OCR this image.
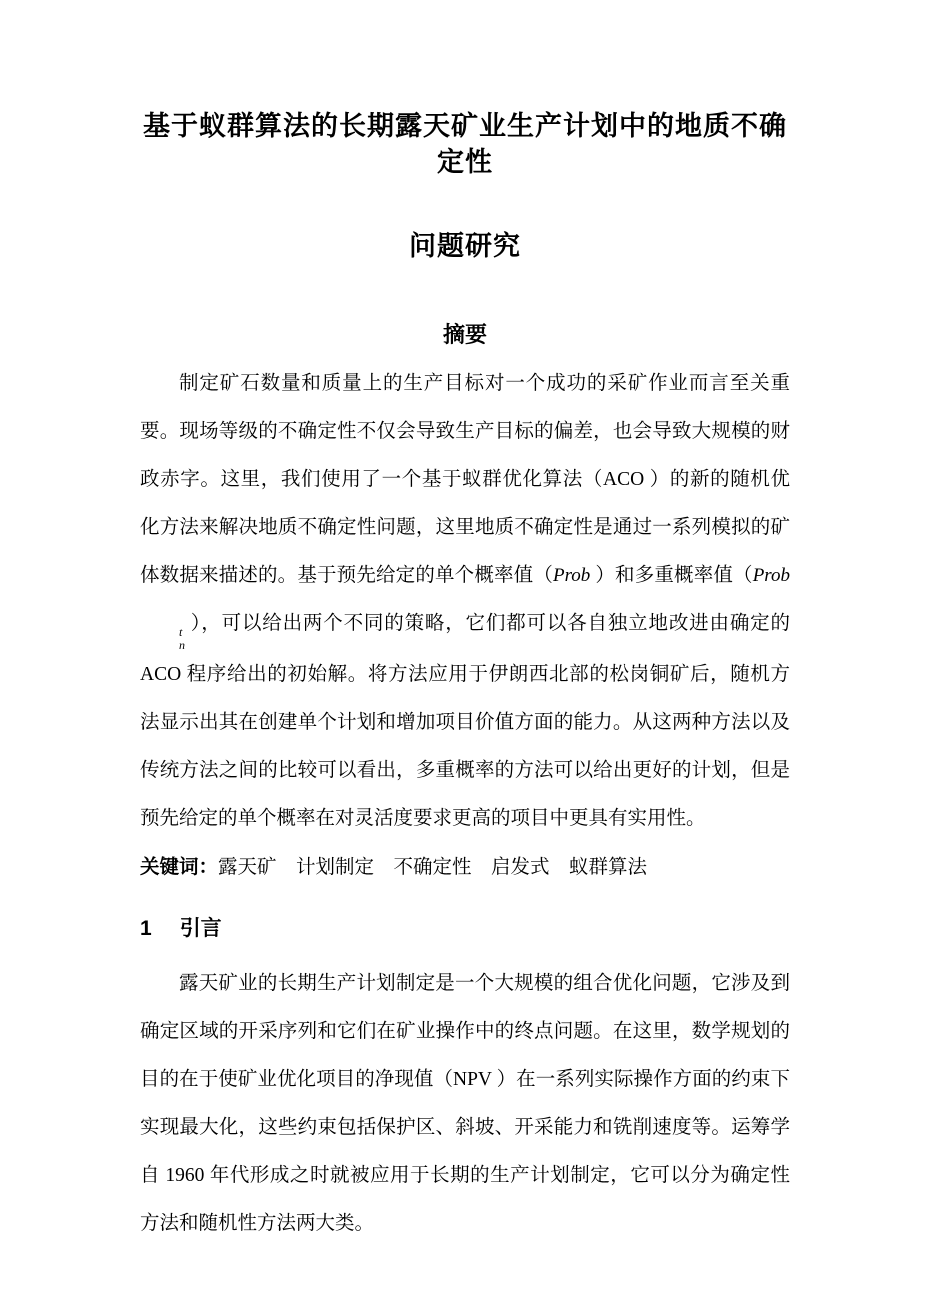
基于蚁群算法的长期露天矿业生产计划中的地质不确定性
问题研究
摘要

制定矿石数量和质量上的生产目标对一个成功的采矿作业而言至关重要。现场等级的不确定性不仅会导致生产目标的偏差，也会导致大规模的财政赤字。这里，我们使用了一个基于蚁群优化算法（ACO ）的新的随机优化方法来解决地质不确定性问题，这里地质不确定性是通过一系列模拟的矿体数据来描述的。基于预先给定的单个概率值（Prob ）和多重概率值（Prob
t
n
），可以给出两个不同的策略，它们都可以各自独立地改进由确定的 ACO 程序给出的初始解。将方法应用于伊朗西北部的松岗铜矿后，随机方法显示出其在创建单个计划和增加项目价值方面的能力。从这两种方法以及传统方法之间的比较可以看出，多重概率的方法可以给出更好的计划，但是预先给定的单个概率在对灵活度要求更高的项目中更具有实用性。

关键词：露天矿　计划制定　不确定性　启发式　蚁群算法

1 引言

露天矿业的长期生产计划制定是一个大规模的组合优化问题，它涉及到确定区域的开采序列和它们在矿业操作中的终点问题。在这里，数学规划的目的在于使矿业优化项目的净现值（NPV ）在一系列实际操作方面的约束下实现最大化，这些约束包括保护区、斜坡、开采能力和铣削速度等。运筹学自 1960 年代形成之时就被应用于长期的生产计划制定，它可以分为确定性方法和随机性方法两大类。
